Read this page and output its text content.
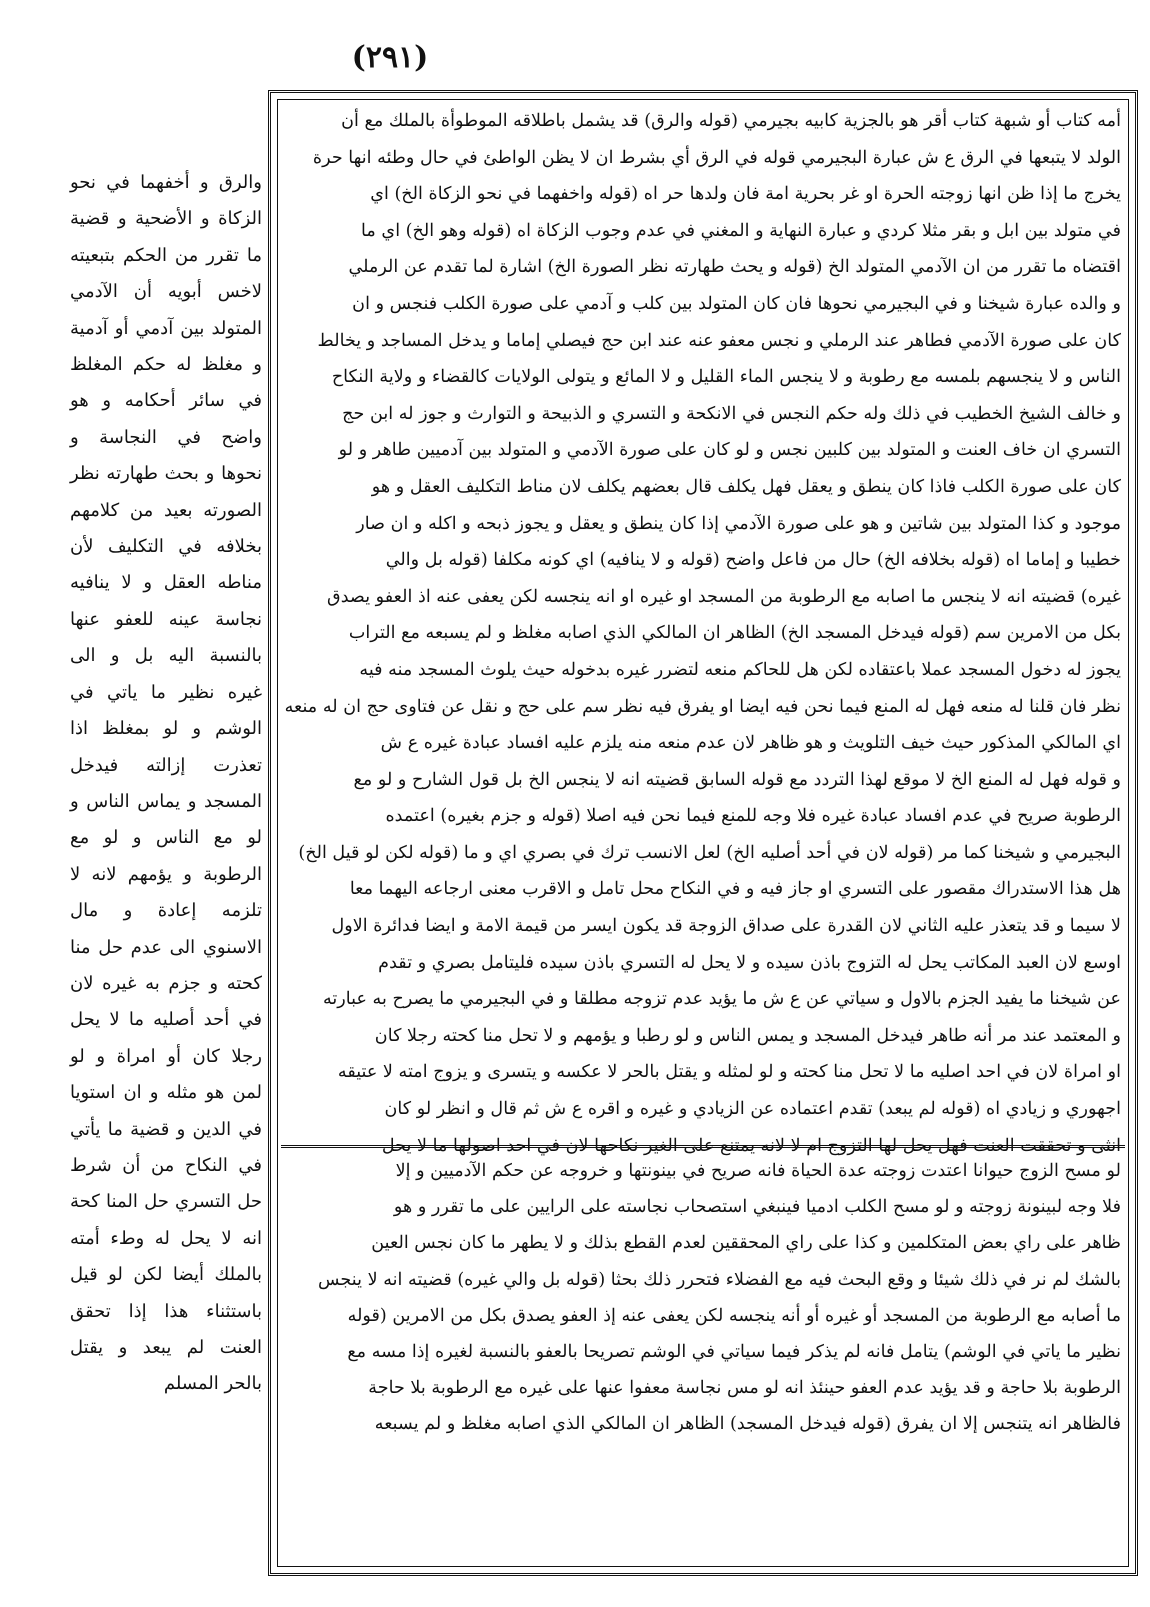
(٢٩١)
والرق و أخفهما في نحو الزكاة و الأضحية و قضية ما تقرر من الحكم بتبعيته لاخس أبويه أن الآدمي المتولد بين آدمي أو آدمية و مغلظ له حكم المغلظ في سائر أحكامه و هو واضح في النجاسة و نحوها و بحث طهارته نظر الصورته بعيد من كلامهم بخلافه في التكليف لأن مناطه العقل و لا ينافيه نجاسة عينه للعفو عنها بالنسبة اليه بل و الى غيره نظير ما ياتي في الوشم و لو بمغلظ اذا تعذرت إزالته فيدخل المسجد و يماس الناس و لو مع الناس و لو مع الرطوبة و يؤمهم لانه لا تلزمه إعادة و مال الاسنوي الى عدم حل منا كحته و جزم به غيره لان في أحد أصليه ما لا يحل رجلا كان أو امراة و لو لمن هو مثله و ان استويا في الدين و قضية ما يأتي في النكاح من أن شرط حل التسري حل المنا كحة انه لا يحل له وطء أمته بالملك أيضا لكن لو قيل باستثناء هذا إذا تحقق العنت لم يبعد و يقتل بالحر المسلم
أمه كتاب أو شبهة كتاب أقر هو بالجزية كابيه بجيرمي (قوله والرق) قد يشمل باطلاقه الموطوأة بالملك مع أن
الولد لا يتبعها في الرق ع ش عبارة البجيرمي قوله في الرق أي بشرط ان لا يظن الواطئ في حال وطئه انها حرة
يخرج ما إذا ظن انها زوجته الحرة او غر بحرية امة فان ولدها حر اه (قوله واخفهما في نحو الزكاة الخ) اي
في متولد بين ابل و بقر مثلا كردي و عبارة النهاية و المغني في عدم وجوب الزكاة اه (قوله وهو الخ) اي ما
اقتضاه ما تقرر من ان الآدمي المتولد الخ (قوله و يحث طهارته نظر الصورة الخ) اشارة لما تقدم عن الرملي
و والده عبارة شيخنا و في البجيرمي نحوها فان كان المتولد بين كلب و آدمي على صورة الكلب فنجس و ان
كان على صورة الآدمي فطاهر عند الرملي و نجس معفو عنه عند ابن حج فيصلي إماما و يدخل المساجد و يخالط
الناس و لا ينجسهم بلمسه مع رطوبة و لا ينجس الماء القليل و لا المائع و يتولى الولايات كالقضاء و ولاية النكاح
و خالف الشيخ الخطيب في ذلك وله حكم النجس في الانكحة و التسري و الذبيحة و التوارث و جوز له ابن حج
التسري ان خاف العنت و المتولد بين كلبين نجس و لو كان على صورة الآدمي و المتولد بين آدميين طاهر و لو
كان على صورة الكلب فاذا كان ينطق و يعقل فهل يكلف قال بعضهم يكلف لان مناط التكليف العقل و هو
موجود و كذا المتولد بين شاتين و هو على صورة الآدمي إذا كان ينطق و يعقل و يجوز ذبحه و اكله و ان صار
خطيبا و إماما اه (قوله بخلافه الخ) حال من فاعل واضح (قوله و لا ينافيه) اي كونه مكلفا (قوله بل والي
غيره) قضيته انه لا ينجس ما اصابه مع الرطوبة من المسجد او غيره او انه ينجسه لكن يعفى عنه اذ العفو يصدق
بكل من الامرين سم (قوله فيدخل المسجد الخ) الظاهر ان المالكي الذي اصابه مغلظ و لم يسبعه مع التراب
يجوز له دخول المسجد عملا باعتقاده لكن هل للحاكم منعه لتضرر غيره بدخوله حيث يلوث المسجد منه فيه
نظر فان قلنا له منعه فهل له المنع فيما نحن فيه ايضا او يفرق فيه نظر سم على حج و نقل عن فتاوى حج ان له منعه
اي المالكي المذكور حيث خيف التلويث و هو ظاهر لان عدم منعه منه يلزم عليه افساد عبادة غيره ع ش
و قوله فهل له المنع الخ لا موقع لهذا التردد مع قوله السابق قضيته انه لا ينجس الخ بل قول الشارح و لو مع
الرطوبة صريح في عدم افساد عبادة غيره فلا وجه للمنع فيما نحن فيه اصلا (قوله و جزم بغيره) اعتمده
البجيرمي و شيخنا كما مر (قوله لان في أحد أصليه الخ) لعل الانسب ترك في بصري اي و ما (قوله لكن لو قيل الخ)
هل هذا الاستدراك مقصور على التسري او جاز فيه و في النكاح محل تامل و الاقرب معنى ارجاعه اليهما معا
لا سيما و قد يتعذر عليه الثاني لان القدرة على صداق الزوجة قد يكون ايسر من قيمة الامة و ايضا فدائرة الاول
اوسع لان العبد المكاتب يحل له التزوج باذن سيده و لا يحل له التسري باذن سيده فليتامل بصري و تقدم
عن شيخنا ما يفيد الجزم بالاول و سياتي عن ع ش ما يؤيد عدم تزوجه مطلقا و في البجيرمي ما يصرح به عبارته
و المعتمد عند مر أنه طاهر فيدخل المسجد و يمس الناس و لو رطبا و يؤمهم و لا تحل منا كحته رجلا كان
او امراة لان في احد اصليه ما لا تحل منا كحته و لو لمثله و يقتل بالحر لا عكسه و يتسرى و يزوج امته لا عتيقه
اجهوري و زيادي اه (قوله لم يبعد) تقدم اعتماده عن الزيادي و غيره و اقره ع ش ثم قال و انظر لو كان
انثى و تحققت العنت فهل يحل لها التزوج ام لا لانه يمتنع على الغير نكاحها لان في احد اصولها ما لا يحل
لو مسح الزوج حيوانا اعتدت زوجته عدة الحياة فانه صريح في بينونتها و خروجه عن حكم الآدميين و إلا
فلا وجه لبينونة زوجته و لو مسح الكلب ادميا فينبغي استصحاب نجاسته على الرايين على ما تقرر و هو
ظاهر على راي بعض المتكلمين و كذا على راي المحققين لعدم القطع بذلك و لا يطهر ما كان نجس العين
بالشك لم نر في ذلك شيئا و وقع البحث فيه مع الفضلاء فتحرر ذلك بحثا (قوله بل والي غيره) قضيته انه لا ينجس
ما أصابه مع الرطوبة من المسجد أو غيره أو أنه ينجسه لكن يعفى عنه إذ العفو يصدق بكل من الامرين (قوله
نظير ما ياتي في الوشم) يتامل فانه لم يذكر فيما سياتي في الوشم تصريحا بالعفو بالنسبة لغيره إذا مسه مع
الرطوبة بلا حاجة و قد يؤيد عدم العفو حينئذ انه لو مس نجاسة معفوا عنها على غيره مع الرطوبة بلا حاجة
فالظاهر انه يتنجس إلا ان يفرق (قوله فيدخل المسجد) الظاهر ان المالكي الذي اصابه مغلظ و لم يسبعه
